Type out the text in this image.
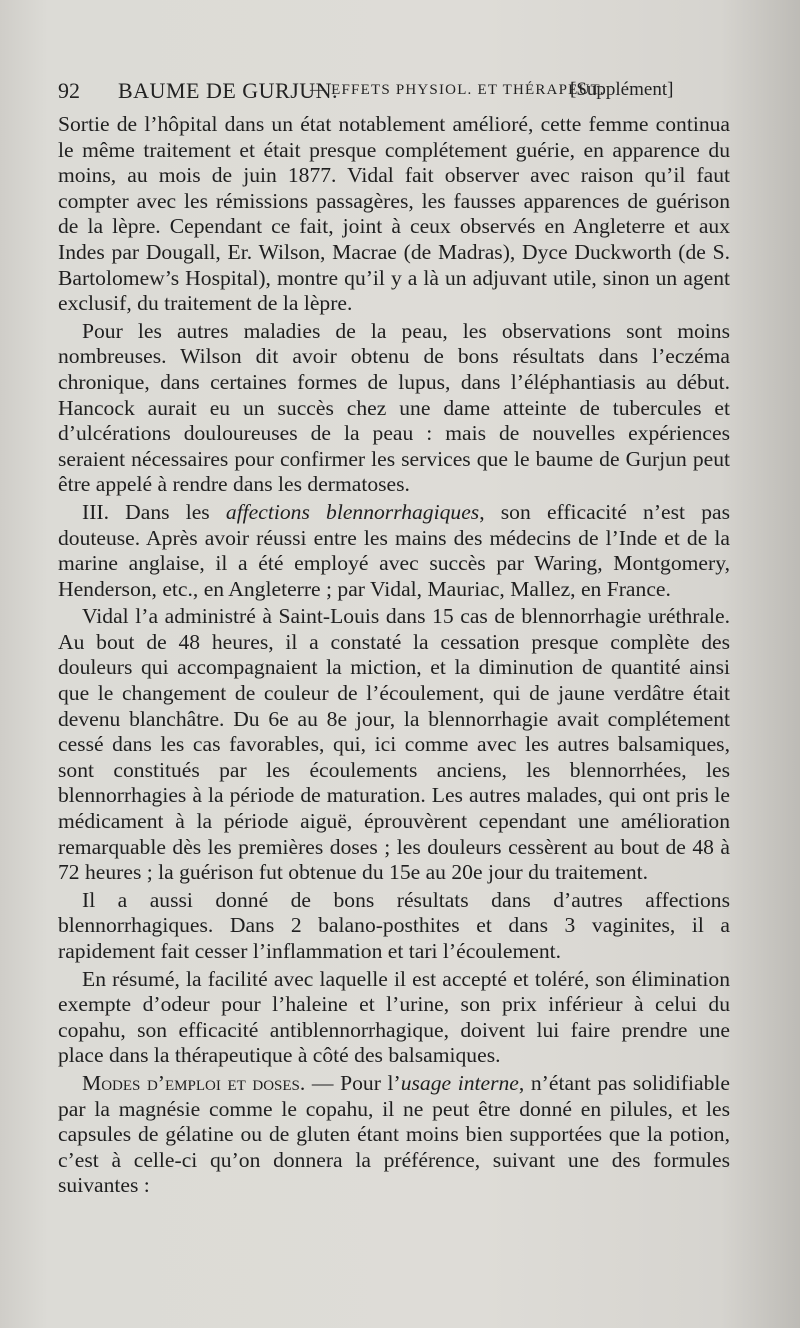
92 BAUME DE GURJUN.
— EFFETS PHYSIOL. ET THÉRAPEUT.
[Supplément]

Sortie de l’hôpital dans un état notablement amélioré, cette femme continua le même traitement et était presque complétement guérie, en apparence du moins, au mois de juin 1877. Vidal fait observer avec raison qu’il faut compter avec les rémissions passagères, les fausses apparences de guérison de la lèpre. Cependant ce fait, joint à ceux observés en Angleterre et aux Indes par Dougall, Er. Wilson, Macrae (de Madras), Dyce Duckworth (de S. Bartolomew’s Hospital), montre qu’il y a là un adjuvant utile, sinon un agent exclusif, du traitement de la lèpre.

Pour les autres maladies de la peau, les observations sont moins nombreuses. Wilson dit avoir obtenu de bons résultats dans l’eczéma chronique, dans certaines formes de lupus, dans l’éléphantiasis au début. Hancock aurait eu un succès chez une dame atteinte de tubercules et d’ulcérations douloureuses de la peau : mais de nouvelles expériences seraient nécessaires pour confirmer les services que le baume de Gurjun peut être appelé à rendre dans les dermatoses.

III. Dans les affections blennorrhagiques, son efficacité n’est pas douteuse. Après avoir réussi entre les mains des médecins de l’Inde et de la marine anglaise, il a été employé avec succès par Waring, Montgomery, Henderson, etc., en Angleterre ; par Vidal, Mauriac, Mallez, en France.

Vidal l’a administré à Saint-Louis dans 15 cas de blennorrhagie uréthrale. Au bout de 48 heures, il a constaté la cessation presque complète des douleurs qui accompagnaient la miction, et la diminution de quantité ainsi que le changement de couleur de l’écoulement, qui de jaune verdâtre était devenu blanchâtre. Du 6e au 8e jour, la blennorrhagie avait complétement cessé dans les cas favorables, qui, ici comme avec les autres balsamiques, sont constitués par les écoulements anciens, les blennorrhées, les blennorrhagies à la période de maturation. Les autres malades, qui ont pris le médicament à la période aiguë, éprouvèrent cependant une amélioration remarquable dès les premières doses ; les douleurs cessèrent au bout de 48 à 72 heures ; la guérison fut obtenue du 15e au 20e jour du traitement.

Il a aussi donné de bons résultats dans d’autres affections blennorrhagiques. Dans 2 balano-posthites et dans 3 vaginites, il a rapidement fait cesser l’inflammation et tari l’écoulement.

En résumé, la facilité avec laquelle il est accepté et toléré, son élimination exempte d’odeur pour l’haleine et l’urine, son prix inférieur à celui du copahu, son efficacité antiblennorrhagique, doivent lui faire prendre une place dans la thérapeutique à côté des balsamiques.

Modes d’emploi et doses. — Pour l’usage interne, n’étant pas solidifiable par la magnésie comme le copahu, il ne peut être donné en pilules, et les capsules de gélatine ou de gluten étant moins bien supportées que la potion, c’est à celle-ci qu’on donnera la préférence, suivant une des formules suivantes :
